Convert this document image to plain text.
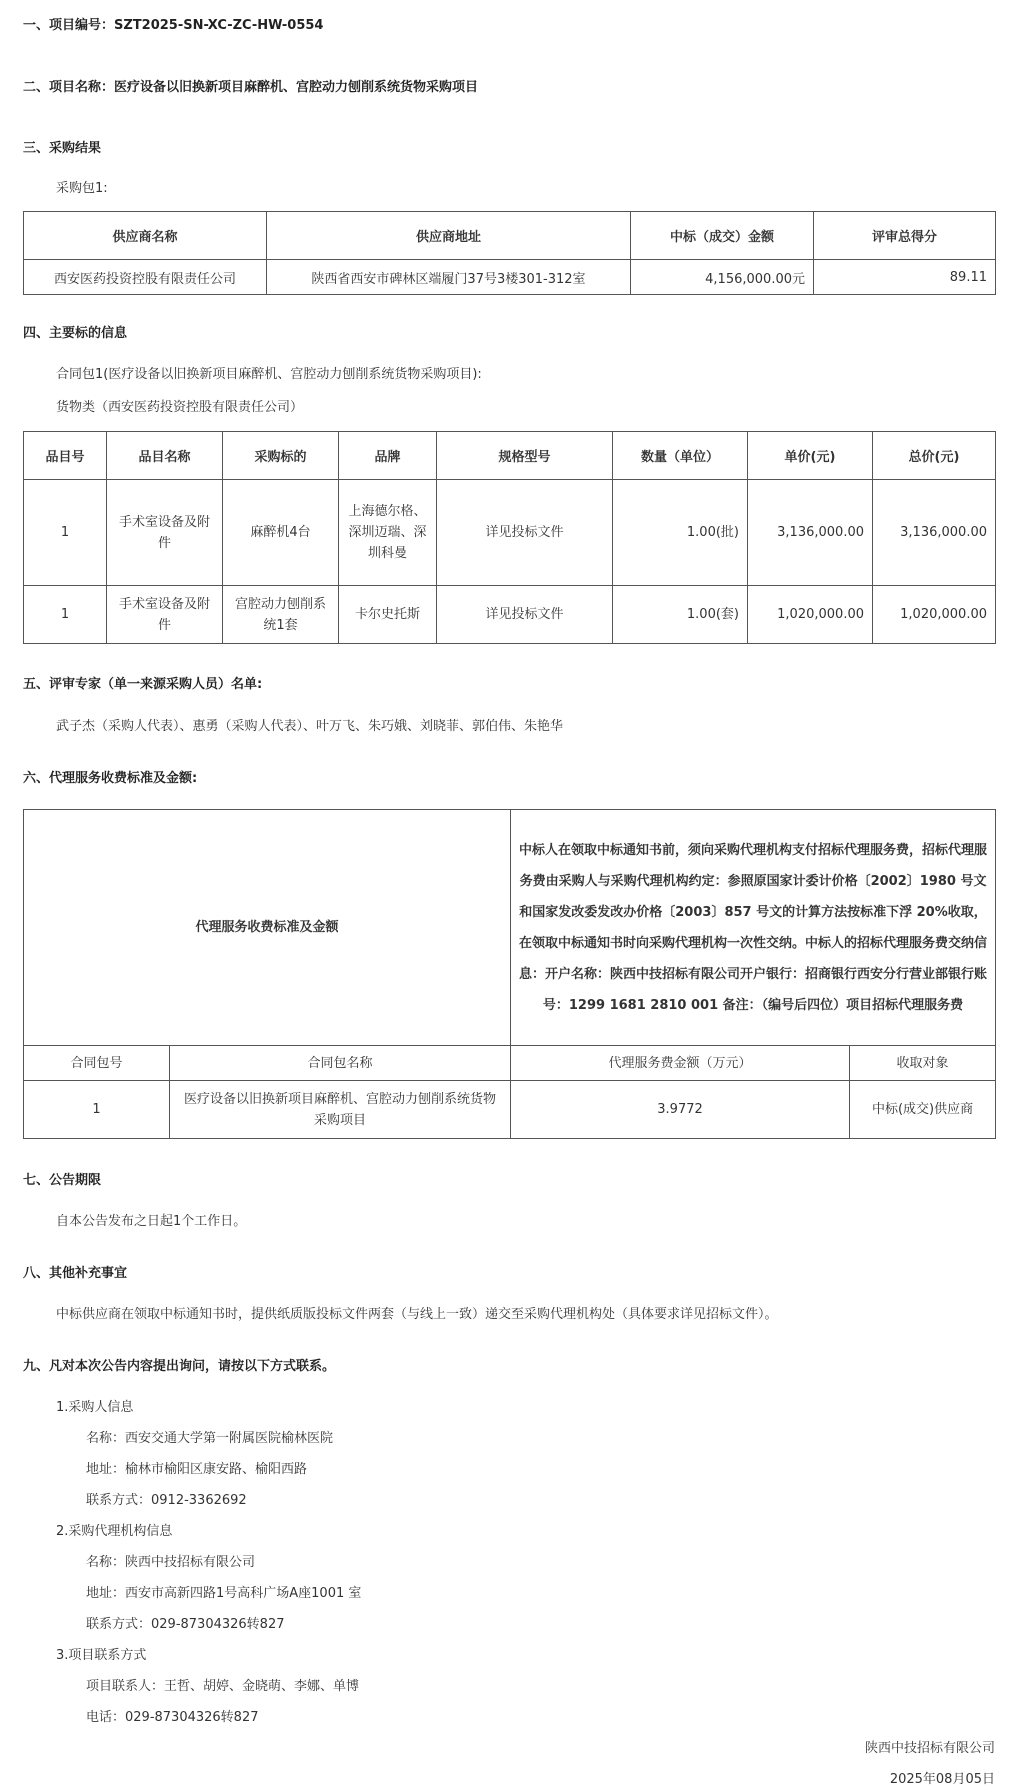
一、项目编号：SZT2025-SN-XC-ZC-HW-0554
二、项目名称：医疗设备以旧换新项目麻醉机、宫腔动力刨削系统货物采购项目
三、采购结果
采购包1:
供应商名称	供应商地址	中标（成交）金额	评审总得分
西安医药投资控股有限责任公司	陕西省西安市碑林区端履门37号3楼301-312室	4,156,000.00元	89.11
四、主要标的信息
合同包1(医疗设备以旧换新项目麻醉机、宫腔动力刨削系统货物采购项目):
货物类（西安医药投资控股有限责任公司）
品目号	品目名称	采购标的	品牌	规格型号	数量（单位）	单价(元)	总价(元)
1	手术室设备及附件	麻醉机4台	上海德尔格、深圳迈瑞、深圳科曼	详见投标文件	1.00(批)	3,136,000.00	3,136,000.00
1	手术室设备及附件	宫腔动力刨削系统1套	卡尔史托斯	详见投标文件	1.00(套)	1,020,000.00	1,020,000.00
五、评审专家（单一来源采购人员）名单:
武子杰（采购人代表）、惠勇（采购人代表）、叶万飞、朱巧娥、刘晓菲、郭伯伟、朱艳华
六、代理服务收费标准及金额:
代理服务收费标准及金额		中标人在领取中标通知书前，须向采购代理机构支付招标代理服务费，招标代理服务费由采购人与采购代理机构约定：参照原国家计委计价格〔2002〕1980 号文和国家发改委发改办价格〔2003〕857 号文的计算方法按标准下浮 20%收取，在领取中标通知书时向采购代理机构一次性交纳。中标人的招标代理服务费交纳信息：开户名称：陕西中技招标有限公司开户银行：招商银行西安分行营业部银行账号：1299 1681 2810 001 备注：（编号后四位）项目招标代理服务费	
合同包号	合同包名称	代理服务费金额（万元）	收取对象
1	医疗设备以旧换新项目麻醉机、宫腔动力刨削系统货物采购项目	3.9772	中标(成交)供应商
七、公告期限
自本公告发布之日起1个工作日。
八、其他补充事宜
中标供应商在领取中标通知书时，提供纸质版投标文件两套（与线上一致）递交至采购代理机构处（具体要求详见招标文件）。
九、凡对本次公告内容提出询问，请按以下方式联系。
1.采购人信息
名称：西安交通大学第一附属医院榆林医院
地址：榆林市榆阳区康安路、榆阳西路
联系方式：0912-3362692
2.采购代理机构信息
名称：陕西中技招标有限公司
地址：西安市高新四路1号高科广场A座1001 室
联系方式：029-87304326转827
3.项目联系方式
项目联系人：王哲、胡婷、金晓萌、李娜、单博
电话：029-87304326转827
陕西中技招标有限公司
2025年08月05日
